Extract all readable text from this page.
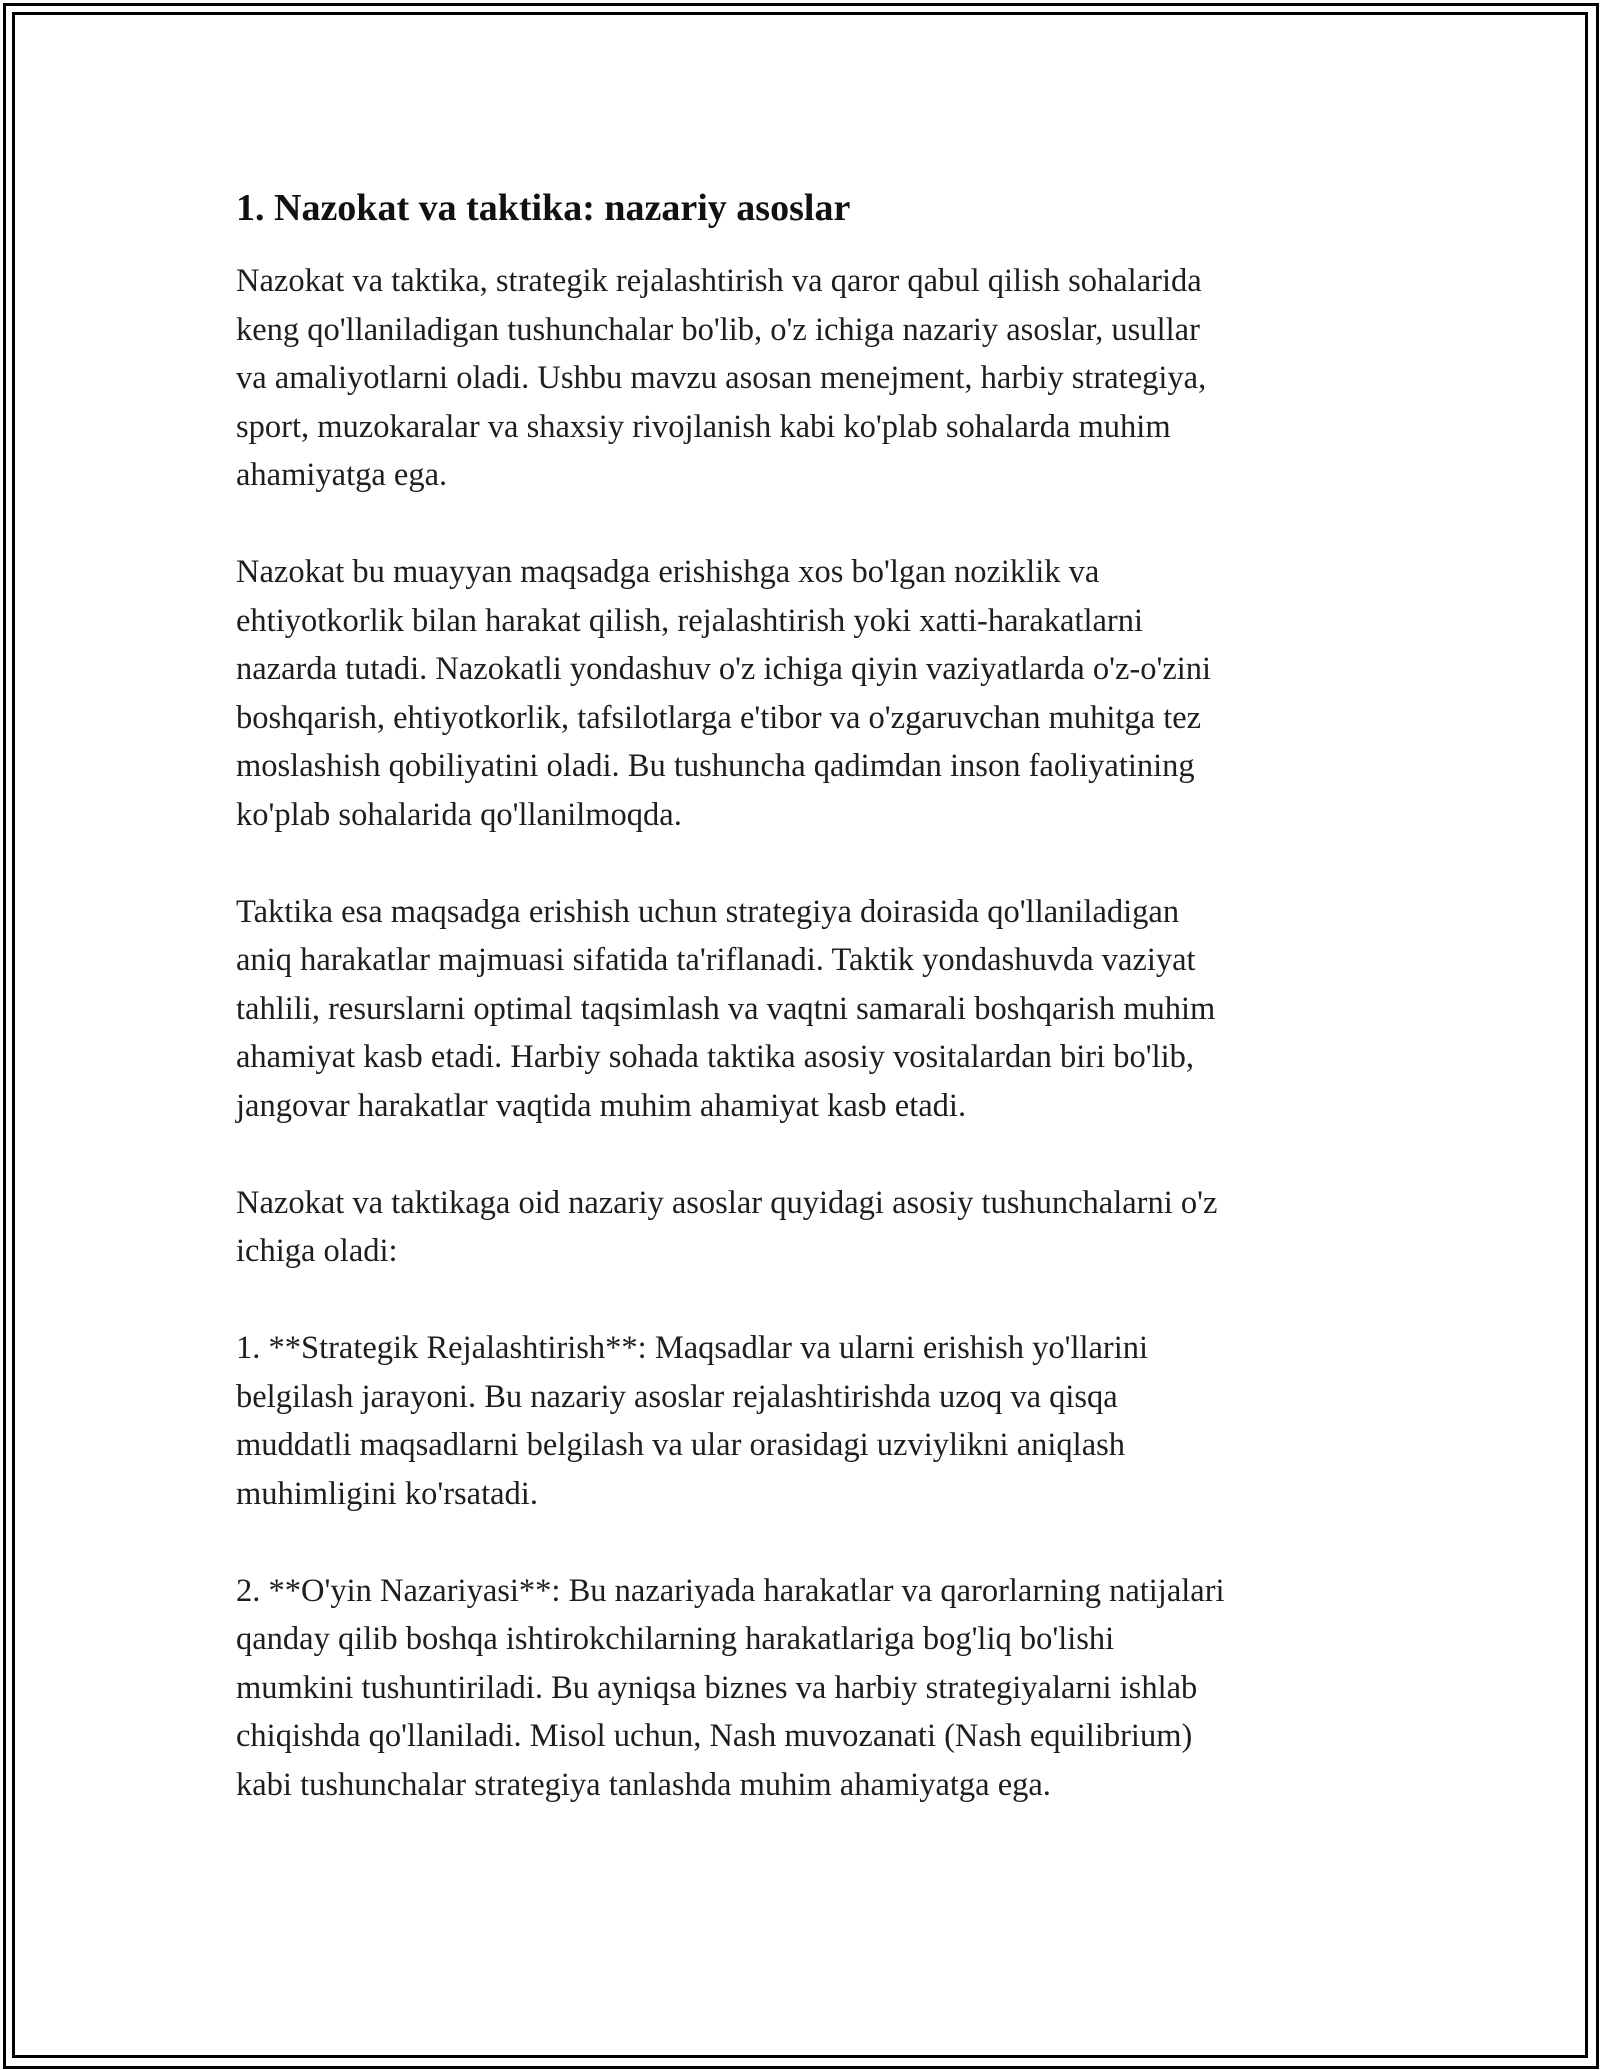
1. Nazokat va taktika: nazariy asoslar

Nazokat va taktika, strategik rejalashtirish va qaror qabul qilish sohalarida
keng qo'llaniladigan tushunchalar bo'lib, o'z ichiga nazariy asoslar, usullar
va amaliyotlarni oladi. Ushbu mavzu asosan menejment, harbiy strategiya,
sport, muzokaralar va shaxsiy rivojlanish kabi ko'plab sohalarda muhim
ahamiyatga ega.

Nazokat bu muayyan maqsadga erishishga xos bo'lgan noziklik va
ehtiyotkorlik bilan harakat qilish, rejalashtirish yoki xatti-harakatlarni
nazarda tutadi. Nazokatli yondashuv o'z ichiga qiyin vaziyatlarda o'z-o'zini
boshqarish, ehtiyotkorlik, tafsilotlarga e'tibor va o'zgaruvchan muhitga tez
moslashish qobiliyatini oladi. Bu tushuncha qadimdan inson faoliyatining
ko'plab sohalarida qo'llanilmoqda.

Taktika esa maqsadga erishish uchun strategiya doirasida qo'llaniladigan
aniq harakatlar majmuasi sifatida ta'riflanadi. Taktik yondashuvda vaziyat
tahlili, resurslarni optimal taqsimlash va vaqtni samarali boshqarish muhim
ahamiyat kasb etadi. Harbiy sohada taktika asosiy vositalardan biri bo'lib,
jangovar harakatlar vaqtida muhim ahamiyat kasb etadi.

Nazokat va taktikaga oid nazariy asoslar quyidagi asosiy tushunchalarni o'z
ichiga oladi:

1. **Strategik Rejalashtirish**: Maqsadlar va ularni erishish yo'llarini
belgilash jarayoni. Bu nazariy asoslar rejalashtirishda uzoq va qisqa
muddatli maqsadlarni belgilash va ular orasidagi uzviylikni aniqlash
muhimligini ko'rsatadi.

2. **O'yin Nazariyasi**: Bu nazariyada harakatlar va qarorlarning natijalari
qanday qilib boshqa ishtirokchilarning harakatlariga bog'liq bo'lishi
mumkini tushuntiriladi. Bu ayniqsa biznes va harbiy strategiyalarni ishlab
chiqishda qo'llaniladi. Misol uchun, Nash muvozanati (Nash equilibrium)
kabi tushunchalar strategiya tanlashda muhim ahamiyatga ega.
